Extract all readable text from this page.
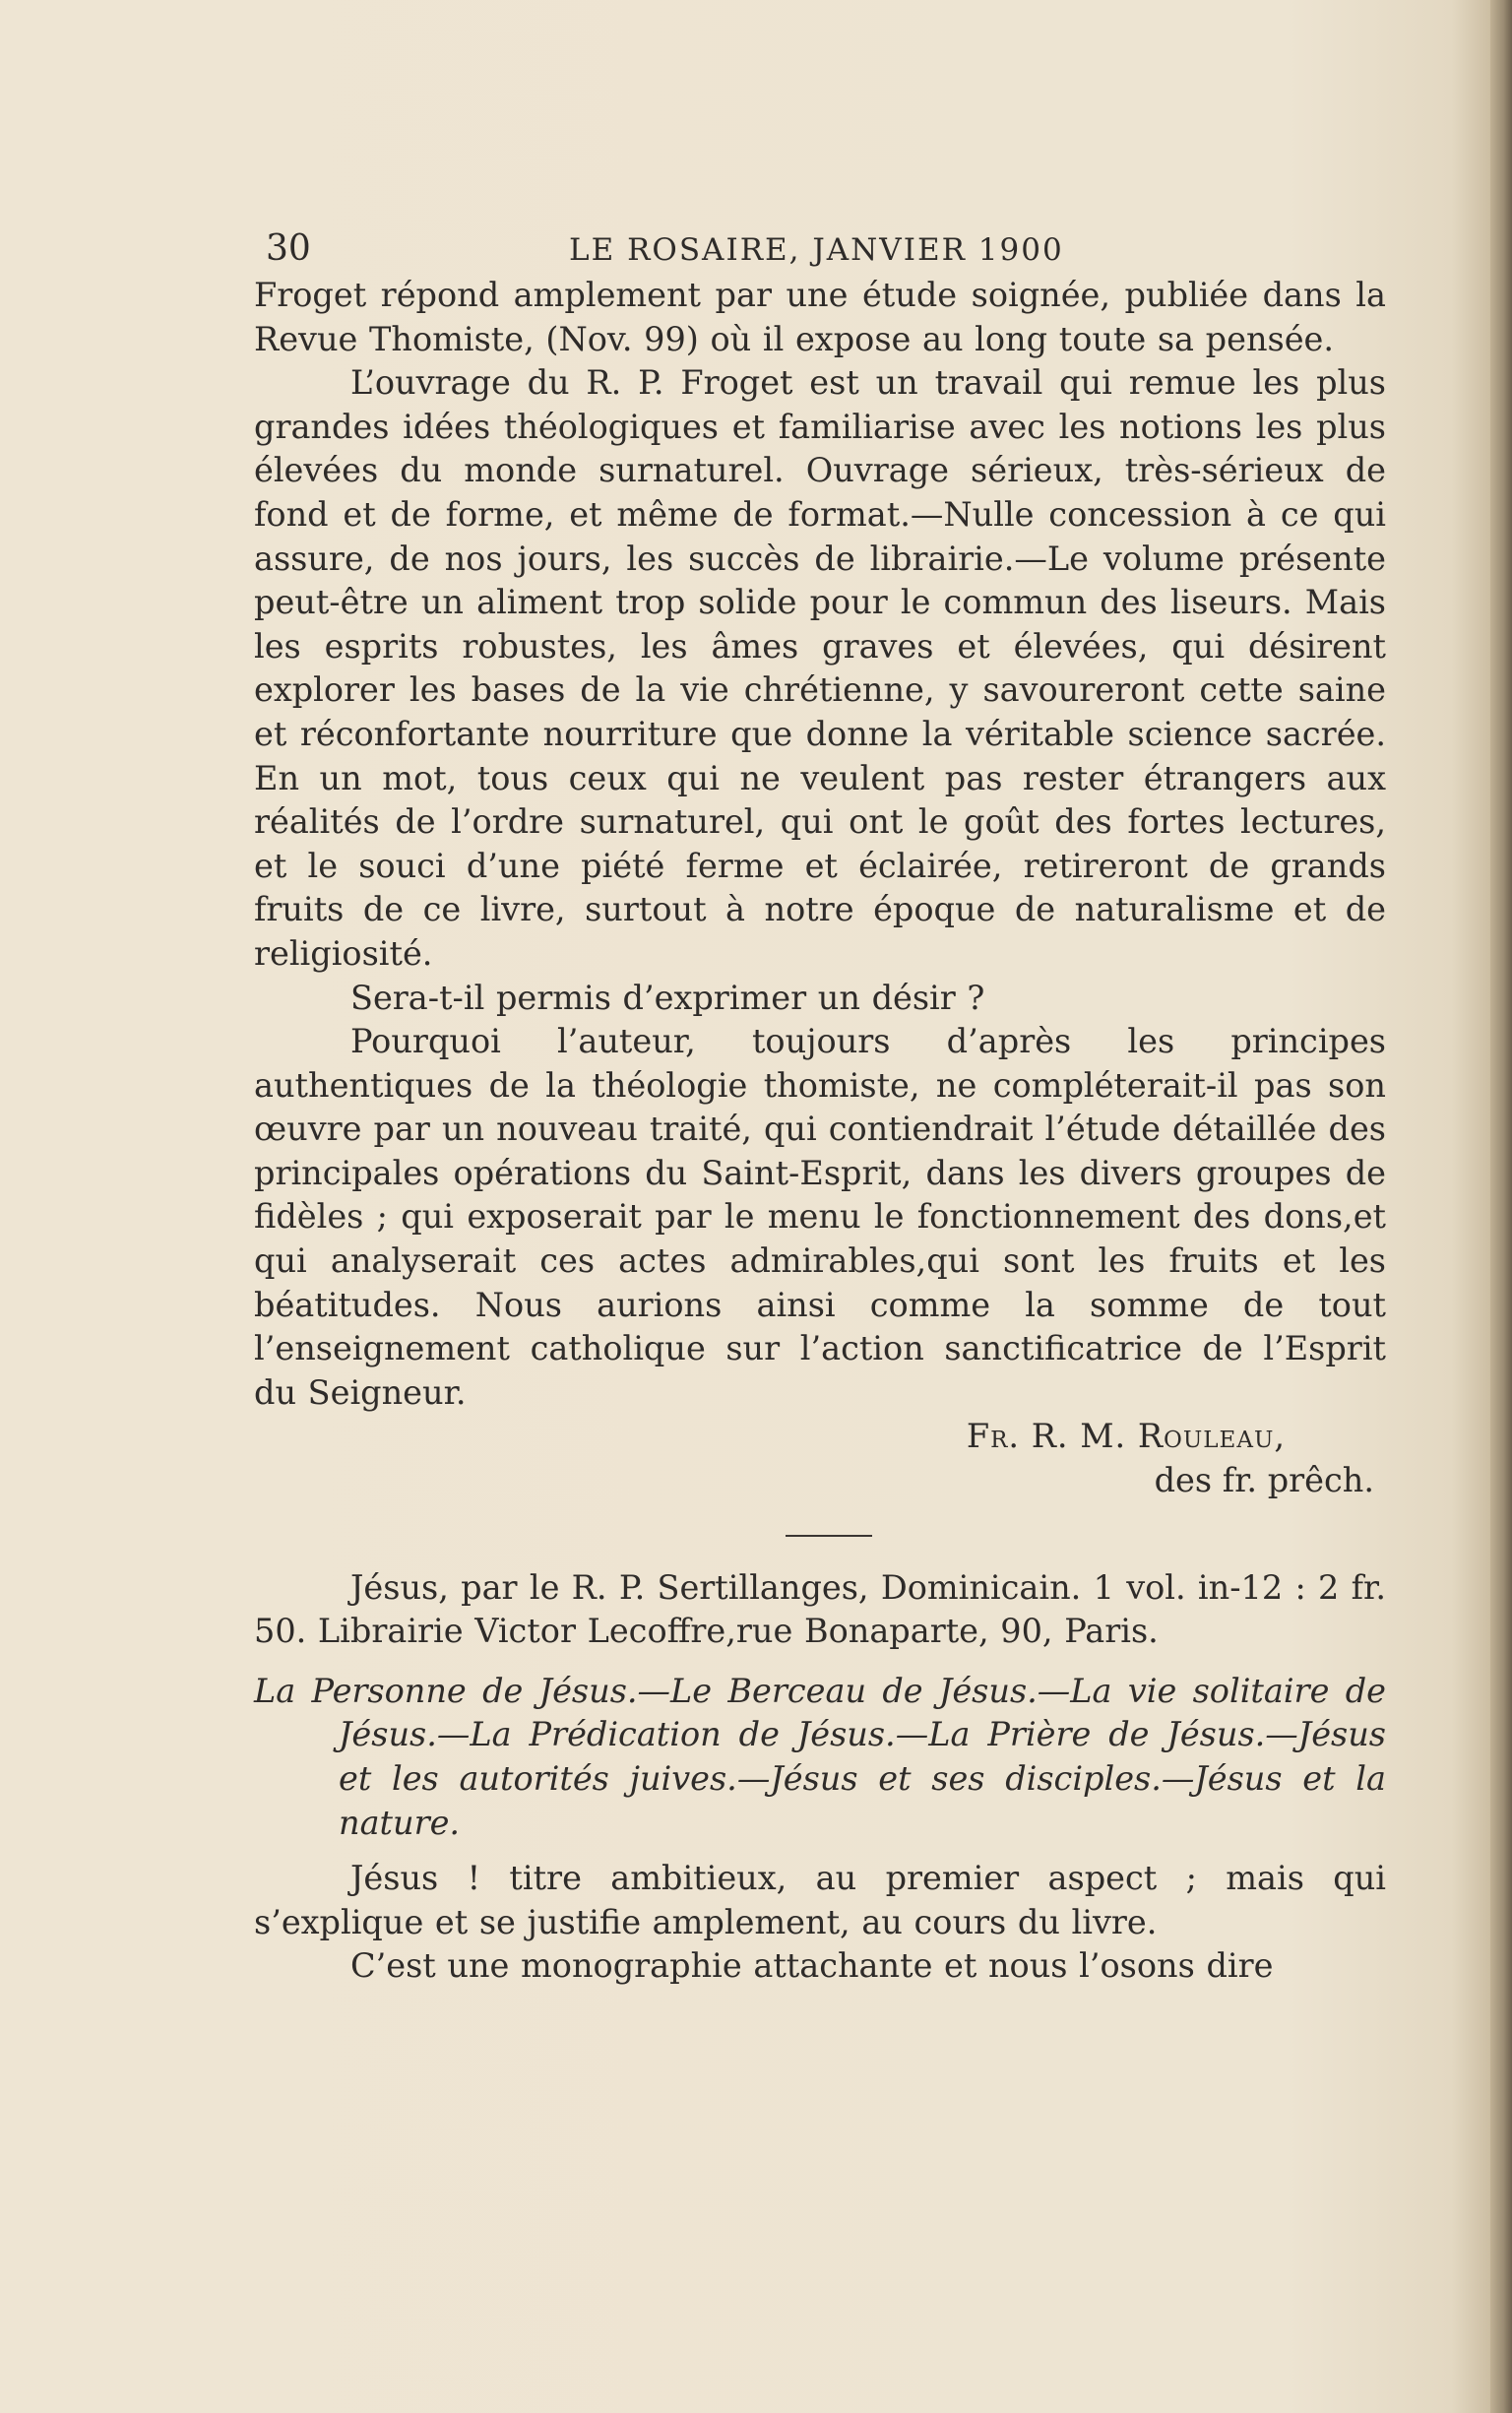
30	LE ROSAIRE, JANVIER 1900

Froget répond amplement par une étude soignée, publiée dans la Revue Thomiste, (Nov. 99) où il expose au long toute sa pensée.

L’ouvrage du R. P. Froget est un travail qui remue les plus grandes idées théologiques et familiarise avec les notions les plus élevées du monde surnaturel. Ouvrage sérieux, très-sérieux de fond et de forme, et même de format.—Nulle concession à ce qui assure, de nos jours, les succès de librairie.—Le volume présente peut-être un aliment trop solide pour le commun des liseurs. Mais les esprits robustes, les âmes graves et élevées, qui désirent explorer les bases de la vie chrétienne, y savoureront cette saine et réconfortante nourriture que donne la véritable science sacrée. En un mot, tous ceux qui ne veulent pas rester étrangers aux réalités de l’ordre surnaturel, qui ont le goût des fortes lectures, et le souci d’une piété ferme et éclairée, retireront de grands fruits de ce livre, surtout à notre époque de naturalisme et de religiosité.

Sera-t-il permis d’exprimer un désir ?

Pourquoi l’auteur, toujours d’après les principes authentiques de la théologie thomiste, ne compléterait-il pas son œuvre par un nouveau traité, qui contiendrait l’étude détaillée des principales opérations du Saint-Esprit, dans les divers groupes de fidèles ; qui exposerait par le menu le fonctionnement des dons,et qui analyserait ces actes admirables,qui sont les fruits et les béatitudes. Nous aurions ainsi comme la somme de tout l’enseignement catholique sur l’action sanctificatrice de l’Esprit du Seigneur.

Fr. R. M. Rouleau,

des fr. prêch.

Jésus, par le R. P. Sertillanges, Dominicain. 1 vol. in-12 : 2 fr. 50. Librairie Victor Lecoffre,rue Bonaparte, 90, Paris.

La Personne de Jésus.—Le Berceau de Jésus.—La vie solitaire de Jésus.—La Prédication de Jésus.—La Prière de Jésus.—Jésus et les autorités juives.—Jésus et ses disciples.—Jésus et la nature.

Jésus ! titre ambitieux, au premier aspect ; mais qui s’explique et se justifie amplement, au cours du livre.

C’est une monographie attachante et nous l’osons dire
